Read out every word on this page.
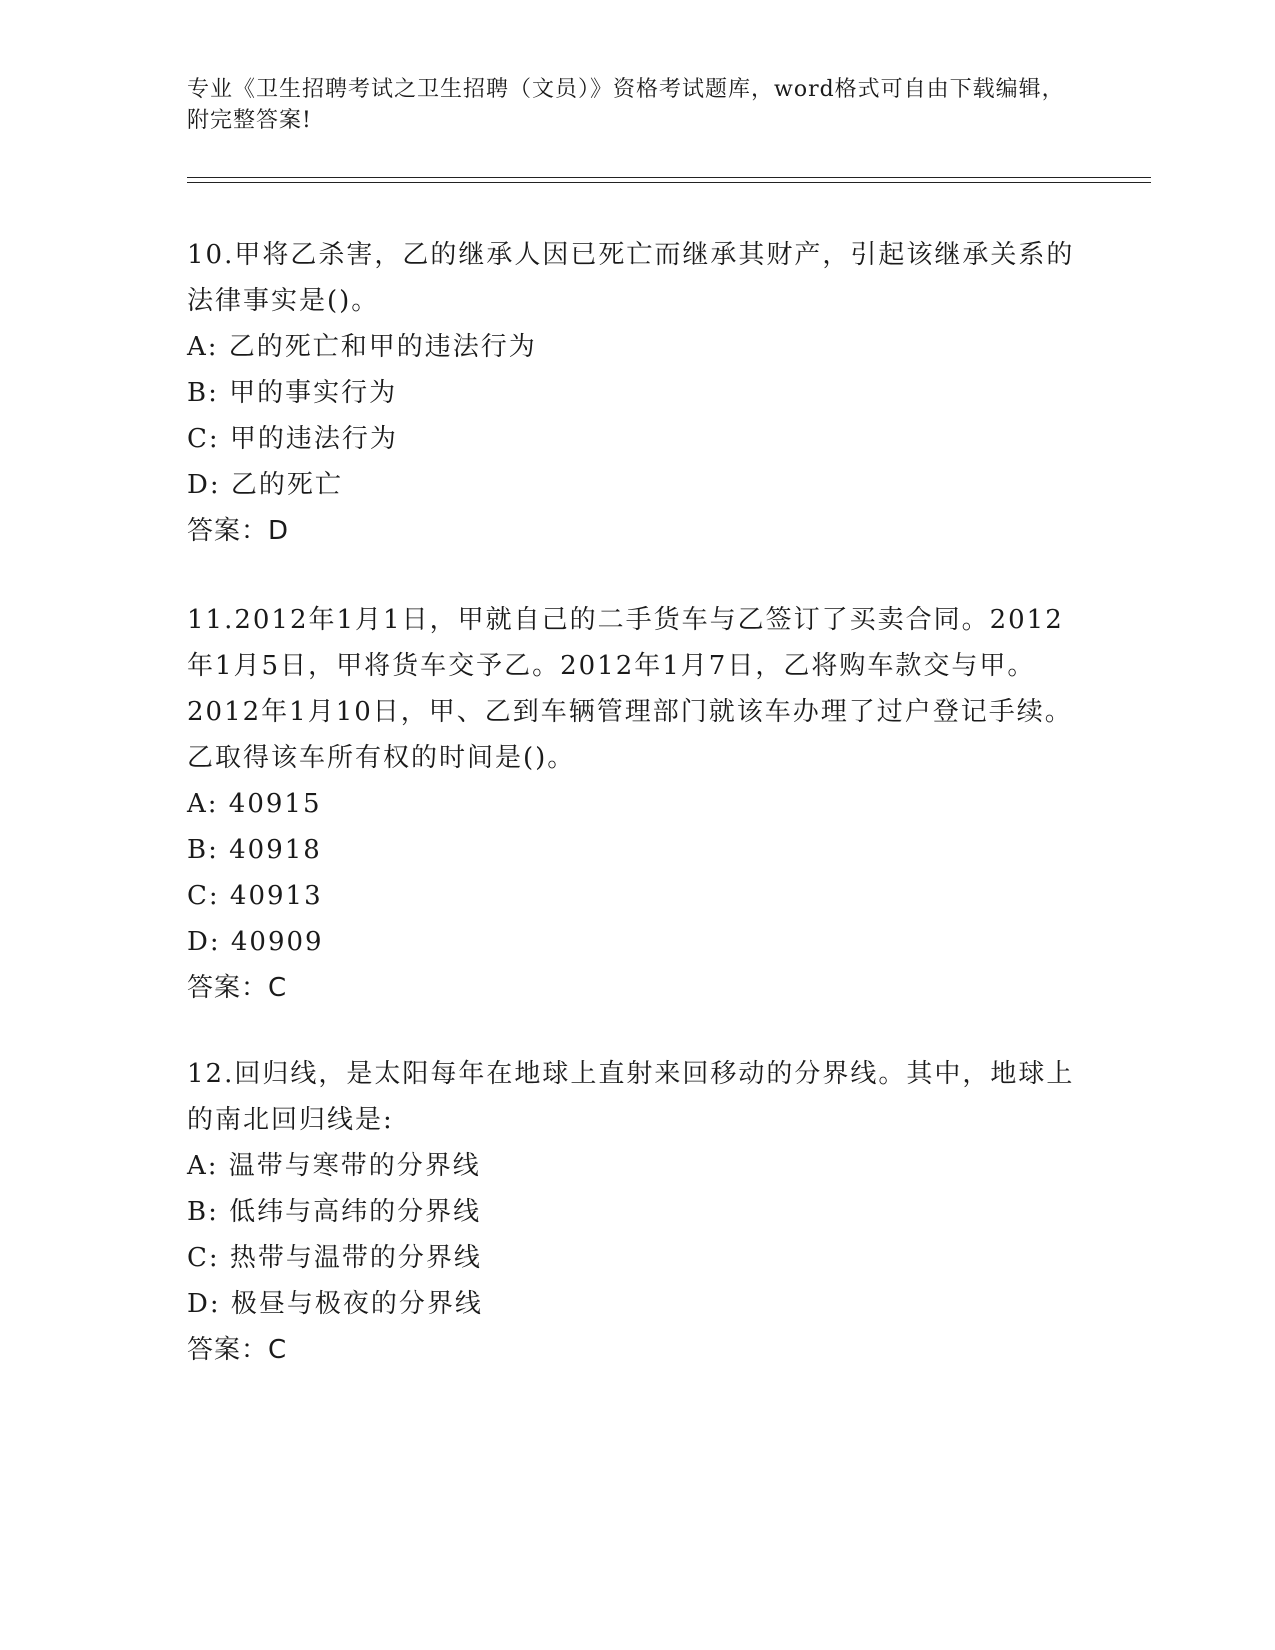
专业《卫生招聘考试之卫生招聘（文员）》资格考试题库，word格式可自由下载编辑，附完整答案!

10.甲将乙杀害，乙的继承人因已死亡而继承其财产，引起该继承关系的法律事实是()。

A: 乙的死亡和甲的违法行为

B: 甲的事实行为

C: 甲的违法行为

D: 乙的死亡

答案：D

11.2012年1月1日，甲就自己的二手货车与乙签订了买卖合同。2012年1月5日，甲将货车交予乙。2012年1月7日，乙将购车款交与甲。2012年1月10日，甲、乙到车辆管理部门就该车办理了过户登记手续。乙取得该车所有权的时间是()。

A: 40915

B: 40918

C: 40913

D: 40909

答案：C

12.回归线，是太阳每年在地球上直射来回移动的分界线。其中，地球上的南北回归线是:

A: 温带与寒带的分界线

B: 低纬与高纬的分界线

C: 热带与温带的分界线

D: 极昼与极夜的分界线

答案：C
